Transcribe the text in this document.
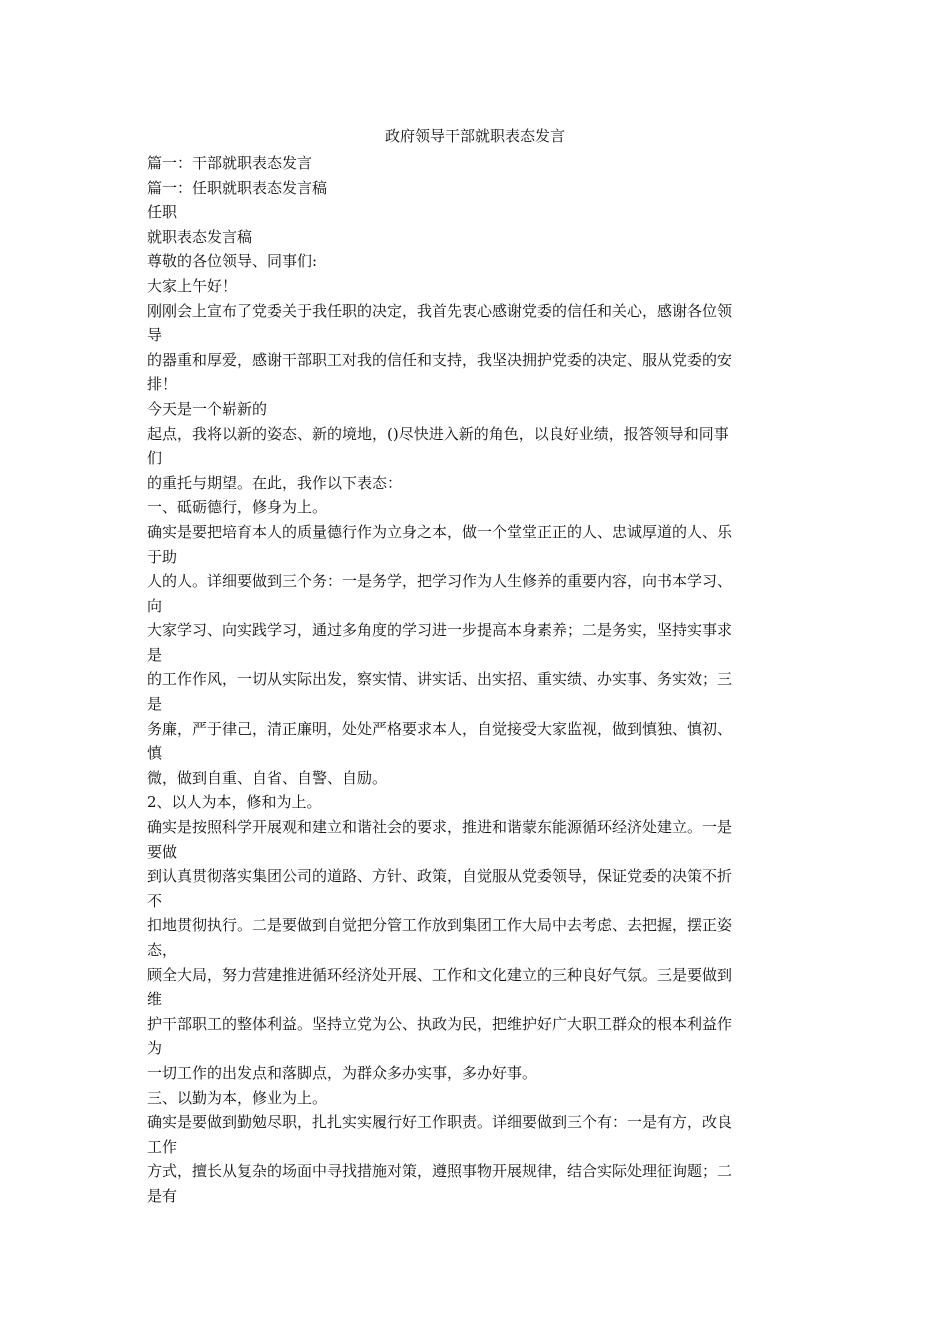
政府领导干部就职表态发言
篇一：干部就职表态发言
篇一：任职就职表态发言稿
任职
就职表态发言稿
尊敬的各位领导、同事们:
大家上午好！
刚刚会上宣布了党委关于我任职的决定，我首先衷心感谢党委的信任和关心，感谢各位领
导
的器重和厚爱，感谢干部职工对我的信任和支持，我坚决拥护党委的决定、服从党委的安
排！
今天是一个崭新的
起点，我将以新的姿态、新的境地，()尽快进入新的角色，以良好业绩，报答领导和同事
们
的重托与期望。在此，我作以下表态：
一、砥砺德行，修身为上。
确实是要把培育本人的质量德行作为立身之本，做一个堂堂正正的人、忠诚厚道的人、乐
于助
人的人。详细要做到三个务：一是务学，把学习作为人生修养的重要内容，向书本学习、
向
大家学习、向实践学习，通过多角度的学习进一步提高本身素养；二是务实，坚持实事求
是
的工作作风，一切从实际出发，察实情、讲实话、出实招、重实绩、办实事、务实效；三
是
务廉，严于律己，清正廉明，处处严格要求本人，自觉接受大家监视，做到慎独、慎初、
慎
微，做到自重、自省、自警、自励。
2、以人为本，修和为上。
确实是按照科学开展观和建立和谐社会的要求，推进和谐蒙东能源循环经济处建立。一是
要做
到认真贯彻落实集团公司的道路、方针、政策，自觉服从党委领导，保证党委的决策不折
不
扣地贯彻执行。二是要做到自觉把分管工作放到集团工作大局中去考虑、去把握，摆正姿
态，
顾全大局，努力营建推进循环经济处开展、工作和文化建立的三种良好气氛。三是要做到
维
护干部职工的整体利益。坚持立党为公、执政为民，把维护好广大职工群众的根本利益作
为
一切工作的出发点和落脚点，为群众多办实事，多办好事。
三、以勤为本，修业为上。
确实是要做到勤勉尽职，扎扎实实履行好工作职责。详细要做到三个有：一是有方，改良
工作
方式，擅长从复杂的场面中寻找措施对策，遵照事物开展规律，结合实际处理征询题；二
是有
